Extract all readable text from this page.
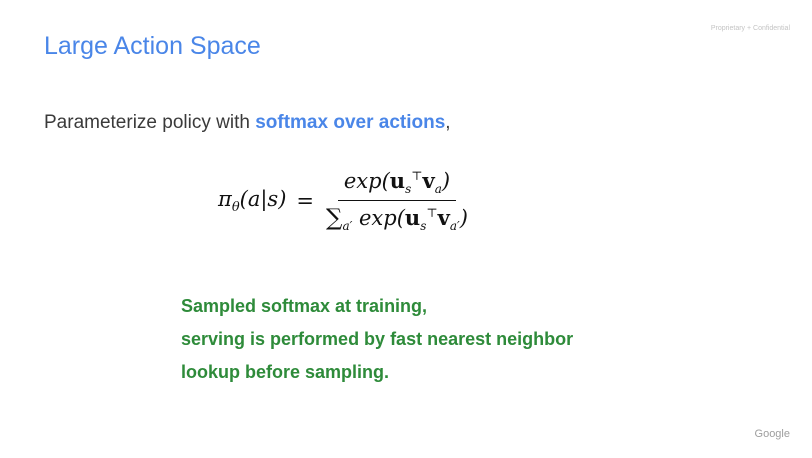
Proprietary + Confidential
Large Action Space
Parameterize policy with softmax over actions,
$\pi_\theta(a|s) = \frac{\exp(u_s^⊤v_a)}{\sum_{a'} \exp(u_s^⊤v_{a'})}$
Sampled softmax at training,
serving is performed by fast nearest neighbor
lookup before sampling.
Google
